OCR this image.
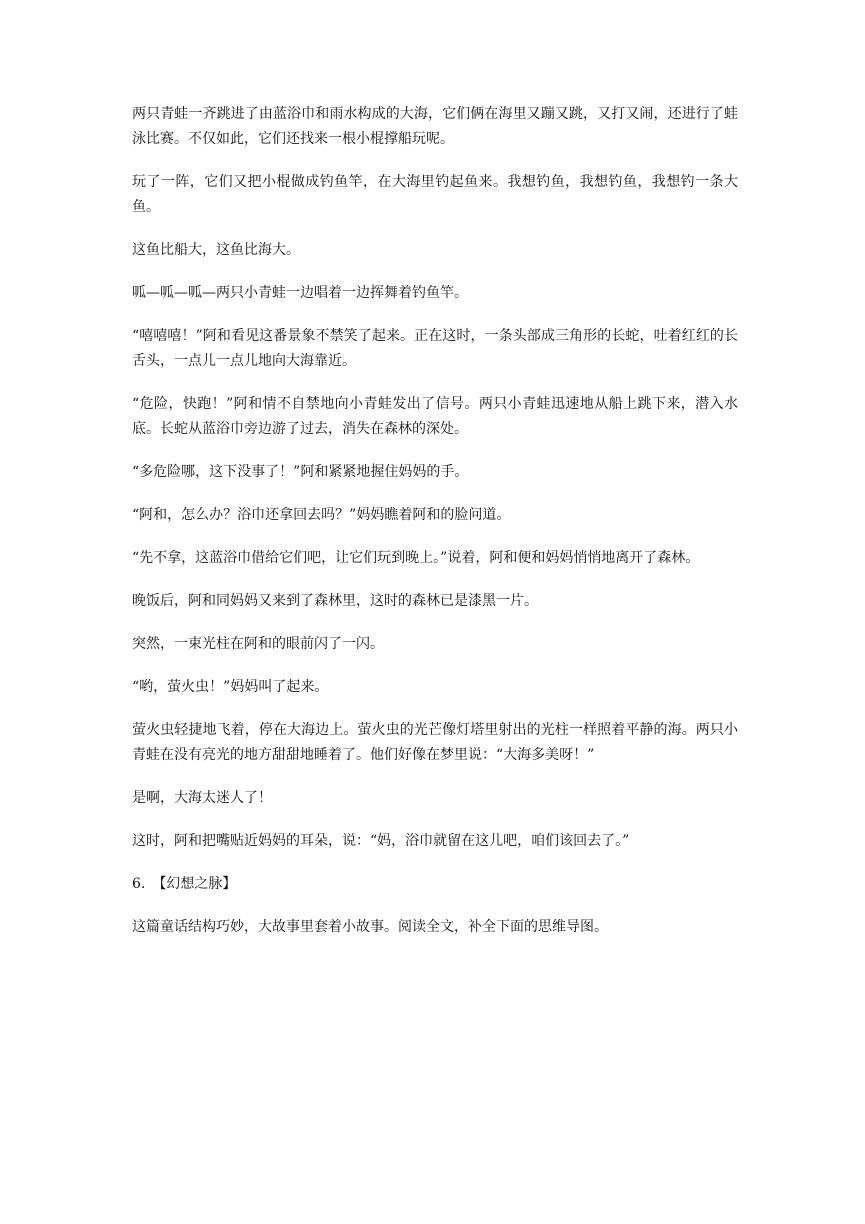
两只青蛙一齐跳进了由蓝浴巾和雨水构成的大海，它们俩在海里又蹦又跳，又打又闹，还进行了蛙泳比赛。不仅如此，它们还找来一根小棍撑船玩呢。

玩了一阵，它们又把小棍做成钓鱼竿，在大海里钓起鱼来。我想钓鱼，我想钓鱼，我想钓一条大鱼。

这鱼比船大，这鱼比海大。

呱—呱—呱—两只小青蛙一边唱着一边挥舞着钓鱼竿。

“嘻嘻嘻！”阿和看见这番景象不禁笑了起来。正在这时，一条头部成三角形的长蛇，吐着红红的长舌头，一点儿一点儿地向大海靠近。

“危险，快跑！”阿和情不自禁地向小青蛙发出了信号。两只小青蛙迅速地从船上跳下来，潜入水底。长蛇从蓝浴巾旁边游了过去，消失在森林的深处。

“多危险哪，这下没事了！”阿和紧紧地握住妈妈的手。

“阿和，怎么办？浴巾还拿回去吗？”妈妈瞧着阿和的脸问道。

“先不拿，这蓝浴巾借给它们吧，让它们玩到晚上。”说着，阿和便和妈妈悄悄地离开了森林。

晚饭后，阿和同妈妈又来到了森林里，这时的森林已是漆黑一片。

突然，一束光柱在阿和的眼前闪了一闪。

“哟，萤火虫！”妈妈叫了起来。

萤火虫轻捷地飞着，停在大海边上。萤火虫的光芒像灯塔里射出的光柱一样照着平静的海。两只小青蛙在没有亮光的地方甜甜地睡着了。他们好像在梦里说：“大海多美呀！”

是啊，大海太迷人了！

这时，阿和把嘴贴近妈妈的耳朵，说：“妈，浴巾就留在这儿吧，咱们该回去了。”

6.　【幻想之脉】

这篇童话结构巧妙，大故事里套着小故事。阅读全文，补全下面的思维导图。
